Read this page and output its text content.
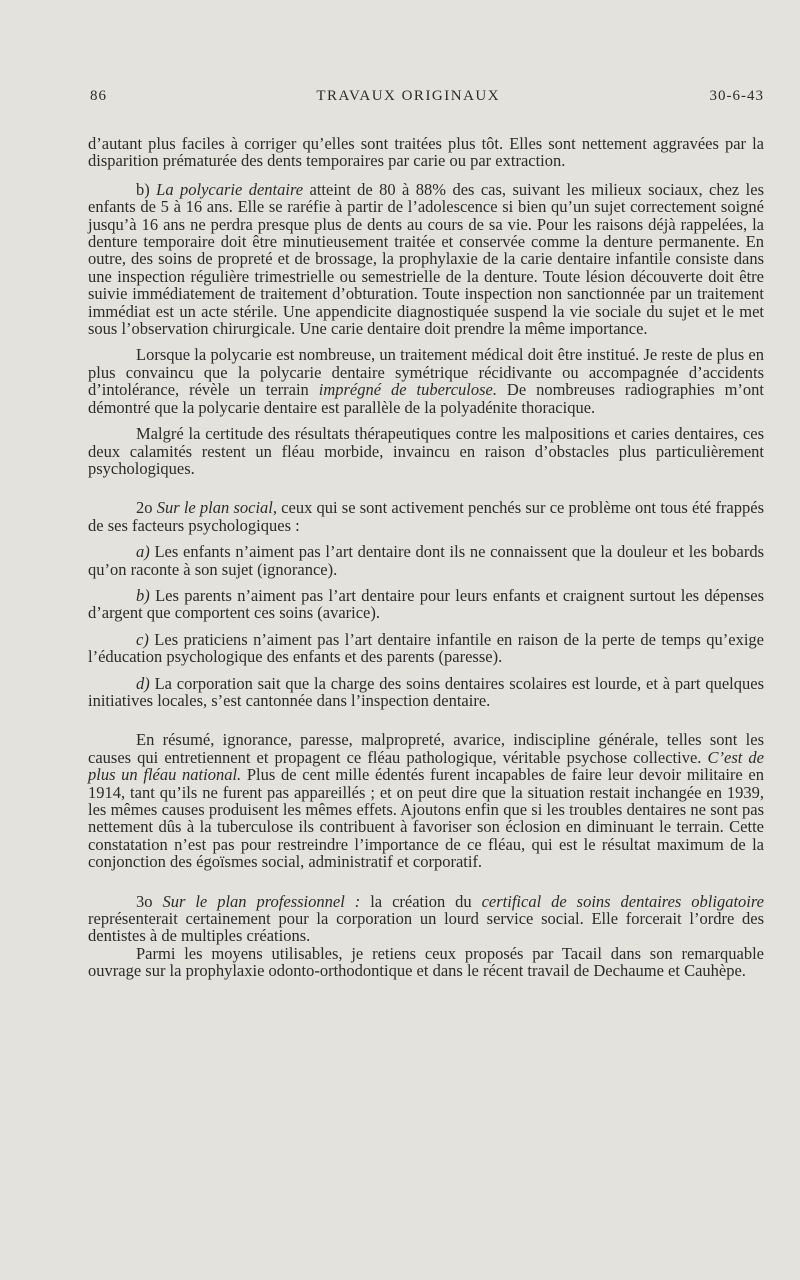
86	TRAVAUX ORIGINAUX	30-6-43

d’autant plus faciles à corriger qu’elles sont traitées plus tôt. Elles sont nettement aggravées par la disparition prématurée des dents temporaires par carie ou par extraction.

b) La polycarie dentaire atteint de 80 à 88% des cas, suivant les milieux sociaux, chez les enfants de 5 à 16 ans. Elle se raréfie à partir de l’adolescence si bien qu’un sujet correctement soigné jusqu’à 16 ans ne perdra presque plus de dents au cours de sa vie. Pour les raisons déjà rappelées, la denture temporaire doit être minutieusement traitée et conservée comme la denture permanente. En outre, des soins de propreté et de brossage, la prophylaxie de la carie dentaire infantile consiste dans une inspection régulière trimestrielle ou semestrielle de la denture. Toute lésion découverte doit être suivie immédiatement de traitement d’obturation. Toute inspection non sanctionnée par un traitement immédiat est un acte stérile. Une appendicite diagnostiquée suspend la vie sociale du sujet et le met sous l’observation chirurgicale. Une carie dentaire doit prendre la même importance.

Lorsque la polycarie est nombreuse, un traitement médical doit être institué. Je reste de plus en plus convaincu que la polycarie dentaire symétrique récidivante ou accompagnée d’accidents d’intolérance, révèle un terrain imprégné de tuberculose. De nombreuses radiographies m’ont démontré que la polycarie dentaire est parallèle de la polyadénite thoracique.

Malgré la certitude des résultats thérapeutiques contre les malpositions et caries dentaires, ces deux calamités restent un fléau morbide, invaincu en raison d’obstacles plus particulièrement psychologiques.

2o Sur le plan social, ceux qui se sont activement penchés sur ce problème ont tous été frappés de ses facteurs psychologiques :

a) Les enfants n’aiment pas l’art dentaire dont ils ne connaissent que la douleur et les bobards qu’on raconte à son sujet (ignorance).

b) Les parents n’aiment pas l’art dentaire pour leurs enfants et craignent surtout les dépenses d’argent que comportent ces soins (avarice).

c) Les praticiens n’aiment pas l’art dentaire infantile en raison de la perte de temps qu’exige l’éducation psychologique des enfants et des parents (paresse).

d) La corporation sait que la charge des soins dentaires scolaires est lourde, et à part quelques initiatives locales, s’est cantonnée dans l’inspection dentaire.

En résumé, ignorance, paresse, malpropreté, avarice, indiscipline générale, telles sont les causes qui entretiennent et propagent ce fléau pathologique, véritable psychose collective. C’est de plus un fléau national. Plus de cent mille édentés furent incapables de faire leur devoir militaire en 1914, tant qu’ils ne furent pas appareillés ; et on peut dire que la situation restait inchangée en 1939, les mêmes causes produisent les mêmes effets. Ajoutons enfin que si les troubles dentaires ne sont pas nettement dûs à la tuberculose ils contribuent à favoriser son éclosion en diminuant le terrain. Cette constatation n’est pas pour restreindre l’importance de ce fléau, qui est le résultat maximum de la conjonction des égoïsmes social, administratif et corporatif.

3o Sur le plan professionnel : la création du certifical de soins dentaires obligatoire représenterait certainement pour la corporation un lourd service social. Elle forcerait l’ordre des dentistes à de multiples créations.

Parmi les moyens utilisables, je retiens ceux proposés par Tacail dans son remarquable ouvrage sur la prophylaxie odonto-orthodontique et dans le récent travail de Dechaume et Cauhèpe.
